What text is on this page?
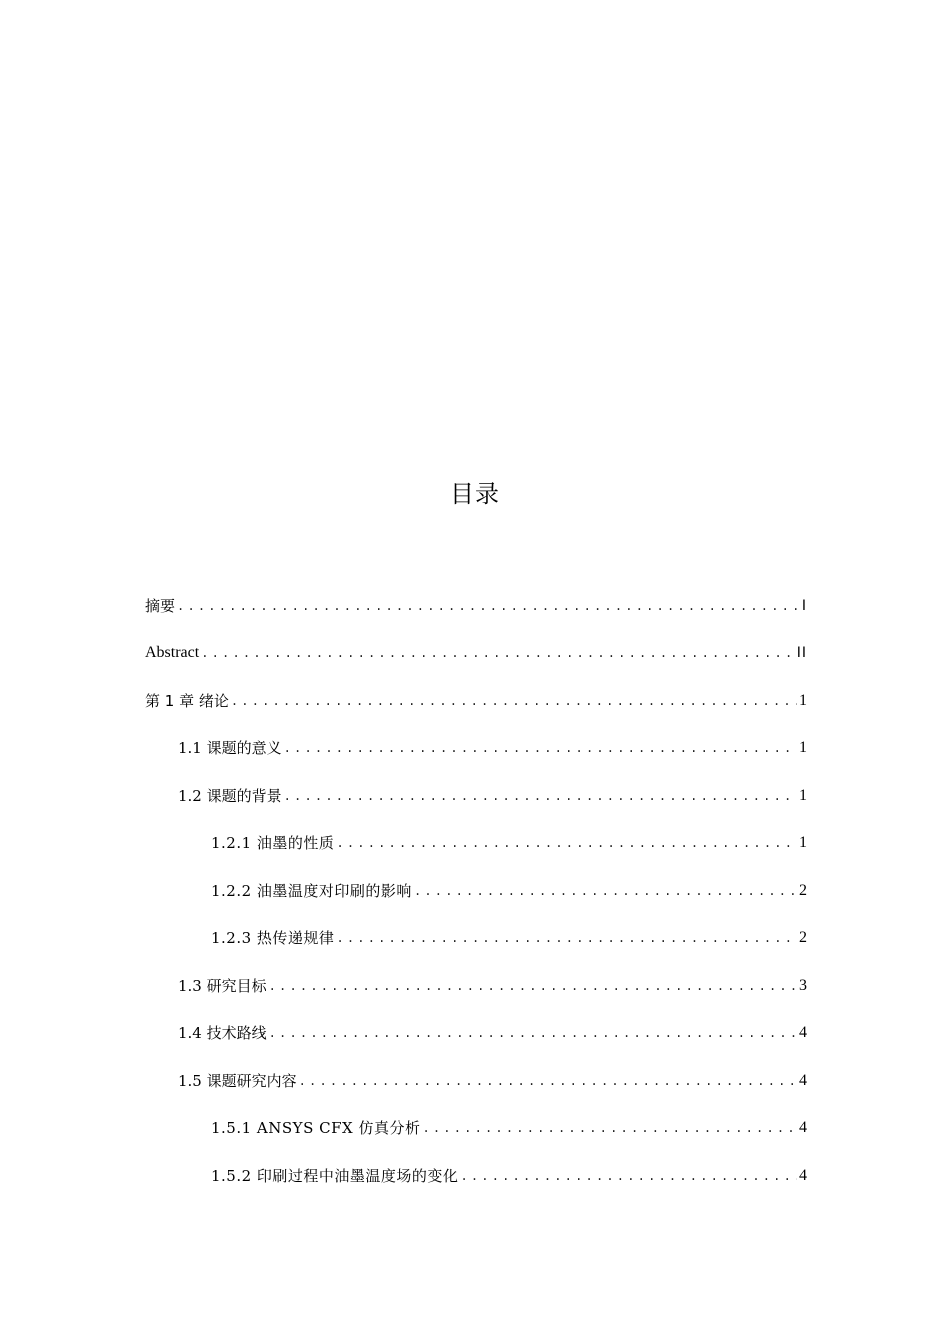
目录
摘要 .....	I
Abstract .....	II
第 1 章 绪论 .....	1
1.1 课题的意义 .....	1
1.2 课题的背景 .....	1
1.2.1 油墨的性质 .....	1
1.2.2 油墨温度对印刷的影响 .....	2
1.2.3 热传递规律 .....	2
1.3 研究目标 .....	3
1.4 技术路线 .....	4
1.5 课题研究内容 .....	4
1.5.1 ANSYS CFX 仿真分析 .....	4
1.5.2 印刷过程中油墨温度场的变化 .....	4
